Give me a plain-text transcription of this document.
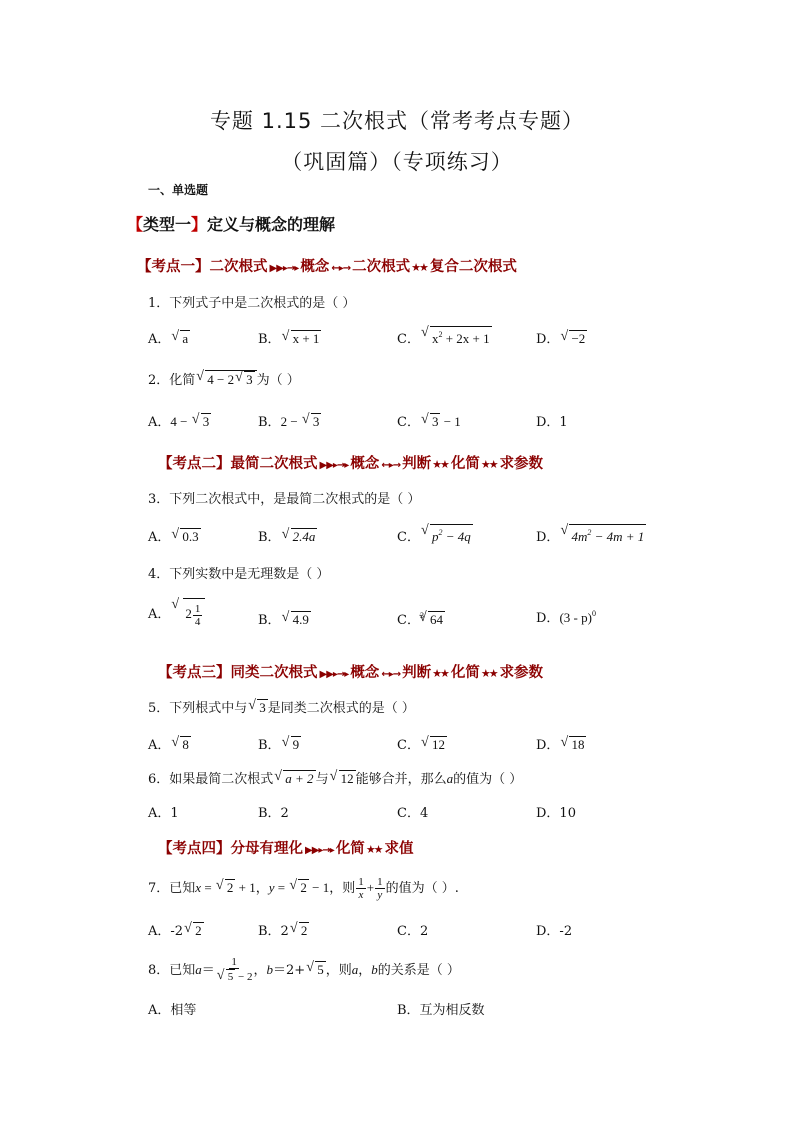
专题 1.15 二次根式（常考考点专题）
（巩固篇）（专项练习）
一、单选题
【类型一】定义与概念的理解
【考点一】二次根式 ▶▶▸→▸ 概念 ←▸→ 二次根式★★ 复合二次根式
1．下列式子中是二次根式的是（ ）
A． √ a	B． √ x + 1	C． √ $x^2 + 2x + 1$	D． √ −2
2．化简 √ 4 − 2 √ 3 为（ ）
A．4 − √ 3	B．2 − √ 3	C． √ 3 − 1	D．1
【考点二】最简二次根式 ▶▶▸→▸ 概念 ←▸→ 判断★★ 化简★★ 求参数
3．下列二次根式中，是最简二次根式的是（ ）
A． √ 0.3	B． √ 2.4a	C． √ $p^2 - 4q$	D． √ $4m^2 - 4m + 1$
4．下列实数中是无理数是（ ）
A． √ $2 \frac{1}{4}$	B． √ 4.9	C．$^3$ √ 64	D．(3 - p)$^0$
【考点三】同类二次根式 ▶▶▸→▸ 概念 ←▸→ 判断★★ 化简★★ 求参数
5．下列根式中与 √ 3 是同类二次根式的是（ ）
A． √ 8	B． √ 9	C． √ 12	D． √ 18
6．如果最简二次根式 √ a + 2 与 √ 12 能够合并，那么a的值为（ ）
A．1	B．2	C．4	D．10
【考点四】分母有理化 ▶▶▸→▸ 化简★★ 求值
7．已知x = √ 2 + 1，y = √ 2 − 1，则 $\frac{1}{x} + \frac{1}{y}$ 的值为（ ）.
A．-2 √ 2	B．2 √ 2	C．2	D．-2
8．已知a＝ 1
√ 5 − 2 ，b＝2+ √ 5 ，则a，b的关系是（ ）
A．相等	B．互为相反数
